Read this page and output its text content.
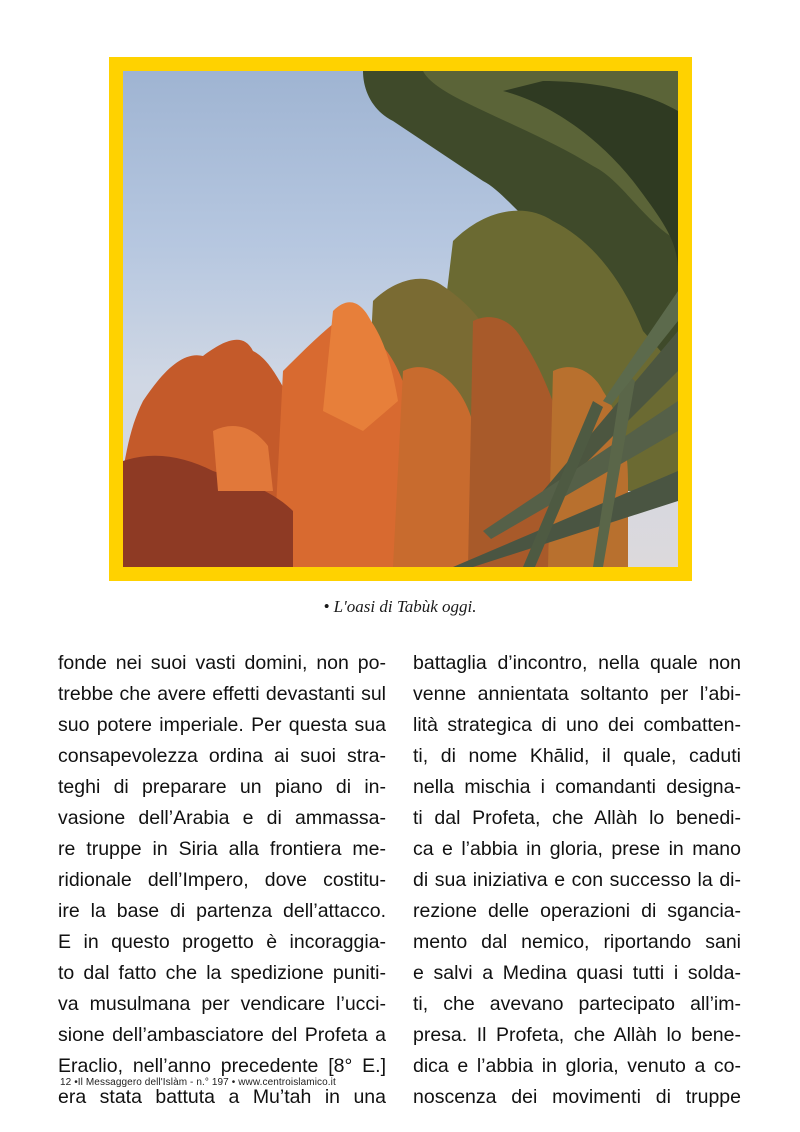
• L'oasi di Tabùk oggi.
fonde nei suoi vasti domini, non po-
trebbe che avere effetti devastanti sul
suo potere imperiale. Per questa sua
consapevolezza ordina ai suoi stra-
teghi di preparare un piano di in-
vasione dell’Arabia e di ammassa-
re truppe in Siria alla frontiera me-
ridionale dell’Impero, dove costitu-
ire la base di partenza dell’attacco.
E in questo progetto è incoraggia-
to dal fatto che la spedizione puniti-
va musulmana per vendicare l’ucci-
sione dell’ambasciatore del Profeta a
Eraclio, nell’anno precedente [8° E.]
era stata battuta a Mu’tah in una
battaglia d’incontro, nella quale non
venne annientata soltanto per l’abi-
lità strategica di uno dei combatten-
ti, di nome Khālid, il quale, caduti
nella mischia i comandanti designa-
ti dal Profeta, che Allàh lo benedi-
ca e l’abbia in gloria, prese in mano
di sua iniziativa e con successo la di-
rezione delle operazioni di sgancia-
mento dal nemico, riportando sani
e salvi a Medina quasi tutti i solda-
ti, che avevano partecipato all’im-
presa. Il Profeta, che Allàh lo bene-
dica e l’abbia in gloria, venuto a co-
noscenza dei movimenti di truppe
12 •Il Messaggero dell'Islàm - n.° 197 • www.centroislamico.it
